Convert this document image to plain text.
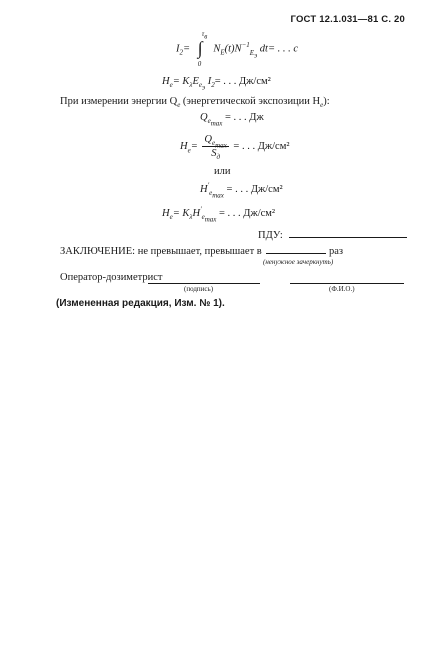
ГОСТ 12.1.031—81 С. 20
$I_2=$ ∫
$\tau_в$
0
$N_E(t)N^{-1}_{E_э}$ dt= . . . с
$H_е= K_\lambda E_{e_э}$ $I_2=$ . . . Дж/см²
При измерении энергии $Q_е$ (энергетической экспозиции $H_е$):
$Q_{е_{max}}$ = . . . Дж
$H_е= \frac{Q_{e_{max}}}{S_д}$ = . . . Дж/см²
или
$H'_{e_{max}}$ = . . . Дж/см²
$H_е= K_\lambda H'_{e_{max}}$ = . . . Дж/см²
ПДУ:
ЗАКЛЮЧЕНИЕ: не превышает, превышает в	раз
(ненужное зачеркнуть)
Оператор-дозиметрист
(подпись)	(Ф.И.О.)
(Измененная редакция, Изм. № 1).
